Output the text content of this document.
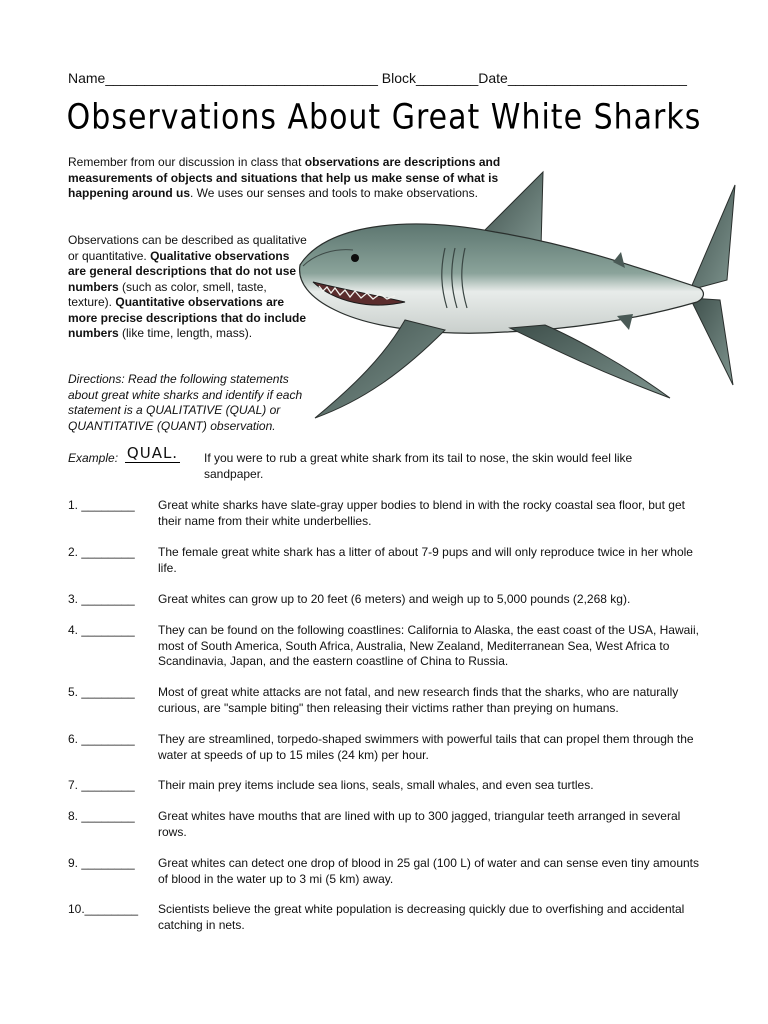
Name___________________________________ Block________Date_______________________
Observations About Great White Sharks
Remember from our discussion in class that observations are descriptions and measurements of objects and situations that help us make sense of what is happening around us. We uses our senses and tools to make observations.
Observations can be described as qualitative or quantitative. Qualitative observations are general descriptions that do not use numbers (such as color, smell, taste, texture). Quantitative observations are more precise descriptions that do include numbers (like time, length, mass).
Directions: Read the following statements about great white sharks and identify if each statement is a QUALITATIVE (QUAL) or QUANTITATIVE (QUANT) observation.
Example: QUAL. If you were to rub a great white shark from its tail to nose, the skin would feel like sandpaper.
1. ________ Great white sharks have slate-gray upper bodies to blend in with the rocky coastal sea floor, but get their name from their white underbellies.
2. ________ The female great white shark has a litter of about 7-9 pups and will only reproduce twice in her whole life.
3. ________ Great whites can grow up to 20 feet (6 meters) and weigh up to 5,000 pounds (2,268 kg).
4. ________ They can be found on the following coastlines: California to Alaska, the east coast of the USA, Hawaii, most of South America, South Africa, Australia, New Zealand, Mediterranean Sea, West Africa to Scandinavia, Japan, and the eastern coastline of China to Russia.
5. ________ Most of great white attacks are not fatal, and new research finds that the sharks, who are naturally curious, are "sample biting" then releasing their victims rather than preying on humans.
6. ________ They are streamlined, torpedo-shaped swimmers with powerful tails that can propel them through the water at speeds of up to 15 miles (24 km) per hour.
7. ________ Their main prey items include sea lions, seals, small whales, and even sea turtles.
8. ________ Great whites have mouths that are lined with up to 300 jagged, triangular teeth arranged in several rows.
9. ________ Great whites can detect one drop of blood in 25 gal (100 L) of water and can sense even tiny amounts of blood in the water up to 3 mi (5 km) away.
10.________ Scientists believe the great white population is decreasing quickly due to overfishing and accidental catching in nets.
